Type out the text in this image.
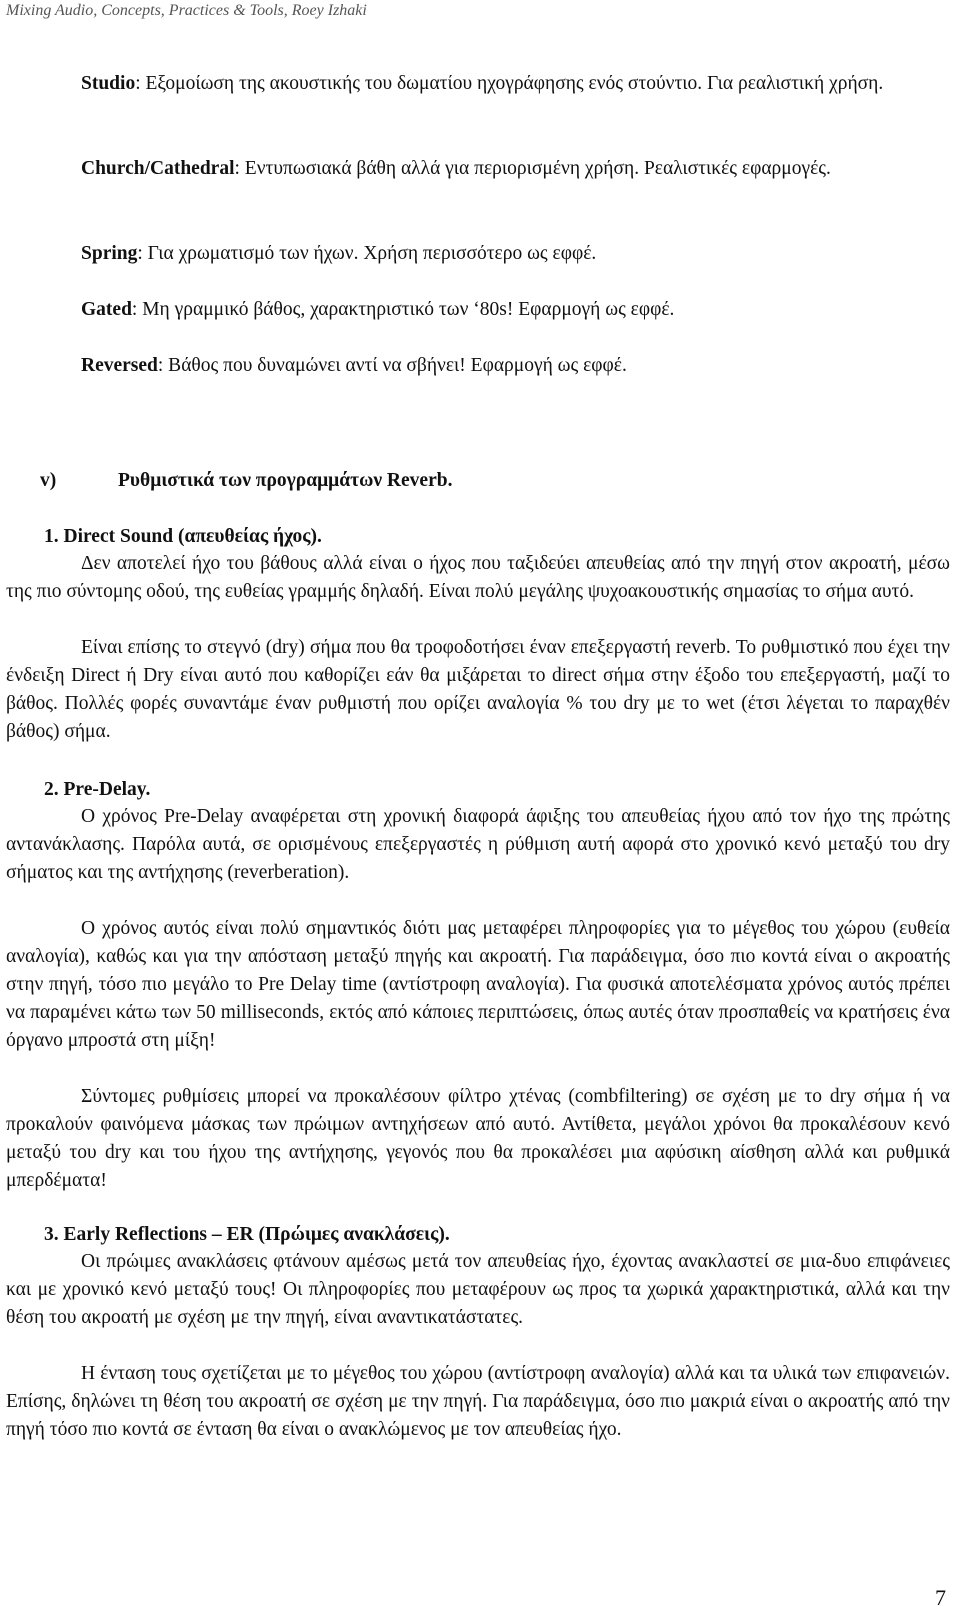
Mixing Audio, Concepts, Practices & Tools, Roey Izhaki
Studio: Εξομοίωση της ακουστικής του δωματίου ηχογράφησης ενός στούντιο. Για ρεαλιστική χρήση.
Church/Cathedral: Εντυπωσιακά βάθη αλλά για περιορισμένη χρήση. Ρεαλιστικές εφαρμογές.
Spring: Για χρωματισμό των ήχων. Χρήση περισσότερο ως εφφέ.
Gated: Μη γραμμικό βάθος, χαρακτηριστικό των ‘80s! Εφαρμογή ως εφφέ.
Reversed: Βάθος που δυναμώνει αντί να σβήνει! Εφαρμογή ως εφφέ.
v)	Ρυθμιστικά των προγραμμάτων Reverb.
1. Direct Sound (απευθείας ήχος).
Δεν αποτελεί ήχο του βάθους αλλά είναι ο ήχος που ταξιδεύει απευθείας από την πηγή στον ακροατή, μέσω της πιο σύντομης οδού, της ευθείας γραμμής δηλαδή. Είναι πολύ μεγάλης ψυχοακουστικής σημασίας το σήμα αυτό.
Είναι επίσης το στεγνό (dry) σήμα που θα τροφοδοτήσει έναν επεξεργαστή reverb. Το ρυθμιστικό που έχει την ένδειξη Direct ή Dry είναι αυτό που καθορίζει εάν θα μιξάρεται το direct σήμα στην έξοδο του επεξεργαστή, μαζί το βάθος. Πολλές φορές συναντάμε έναν ρυθμιστή που ορίζει αναλογία % του dry με το wet (έτσι λέγεται το παραχθέν βάθος) σήμα.
2. Pre-Delay.
Ο χρόνος Pre-Delay αναφέρεται στη χρονική διαφορά άφιξης του απευθείας ήχου από τον ήχο της πρώτης αντανάκλασης. Παρόλα αυτά, σε ορισμένους επεξεργαστές η ρύθμιση αυτή αφορά στο χρονικό κενό μεταξύ του dry σήματος και της αντήχησης (reverberation).
Ο χρόνος αυτός είναι πολύ σημαντικός διότι μας μεταφέρει πληροφορίες για το μέγεθος του χώρου (ευθεία αναλογία), καθώς και για την απόσταση μεταξύ πηγής και ακροατή. Για παράδειγμα, όσο πιο κοντά είναι ο ακροατής στην πηγή, τόσο πιο μεγάλο το Pre Delay time (αντίστροφη αναλογία). Για φυσικά αποτελέσματα χρόνος αυτός πρέπει να παραμένει κάτω των 50 milliseconds, εκτός από κάποιες περιπτώσεις, όπως αυτές όταν προσπαθείς να κρατήσεις ένα όργανο μπροστά στη μίξη!
Σύντομες ρυθμίσεις μπορεί να προκαλέσουν φίλτρο χτένας (combfiltering) σε σχέση με το dry σήμα ή να προκαλούν φαινόμενα μάσκας των πρώιμων αντηχήσεων από αυτό. Αντίθετα, μεγάλοι χρόνοι θα προκαλέσουν κενό μεταξύ του dry και του ήχου της αντήχησης, γεγονός που θα προκαλέσει μια αφύσικη αίσθηση αλλά και ρυθμικά μπερδέματα!
3. Early Reflections – ER (Πρώιμες ανακλάσεις).
Οι πρώιμες ανακλάσεις φτάνουν αμέσως μετά τον απευθείας ήχο, έχοντας ανακλαστεί σε μια-δυο επιφάνειες και με χρονικό κενό μεταξύ τους! Οι πληροφορίες που μεταφέρουν ως προς τα χωρικά χαρακτηριστικά, αλλά και την θέση του ακροατή με σχέση με την πηγή, είναι αναντικατάστατες.
Η ένταση τους σχετίζεται με το μέγεθος του χώρου (αντίστροφη αναλογία) αλλά και τα υλικά των επιφανειών. Επίσης, δηλώνει τη θέση του ακροατή σε σχέση με την πηγή. Για παράδειγμα, όσο πιο μακριά είναι ο ακροατής από την πηγή τόσο πιο κοντά σε ένταση θα είναι ο ανακλώμενος με τον απευθείας ήχο.
7
